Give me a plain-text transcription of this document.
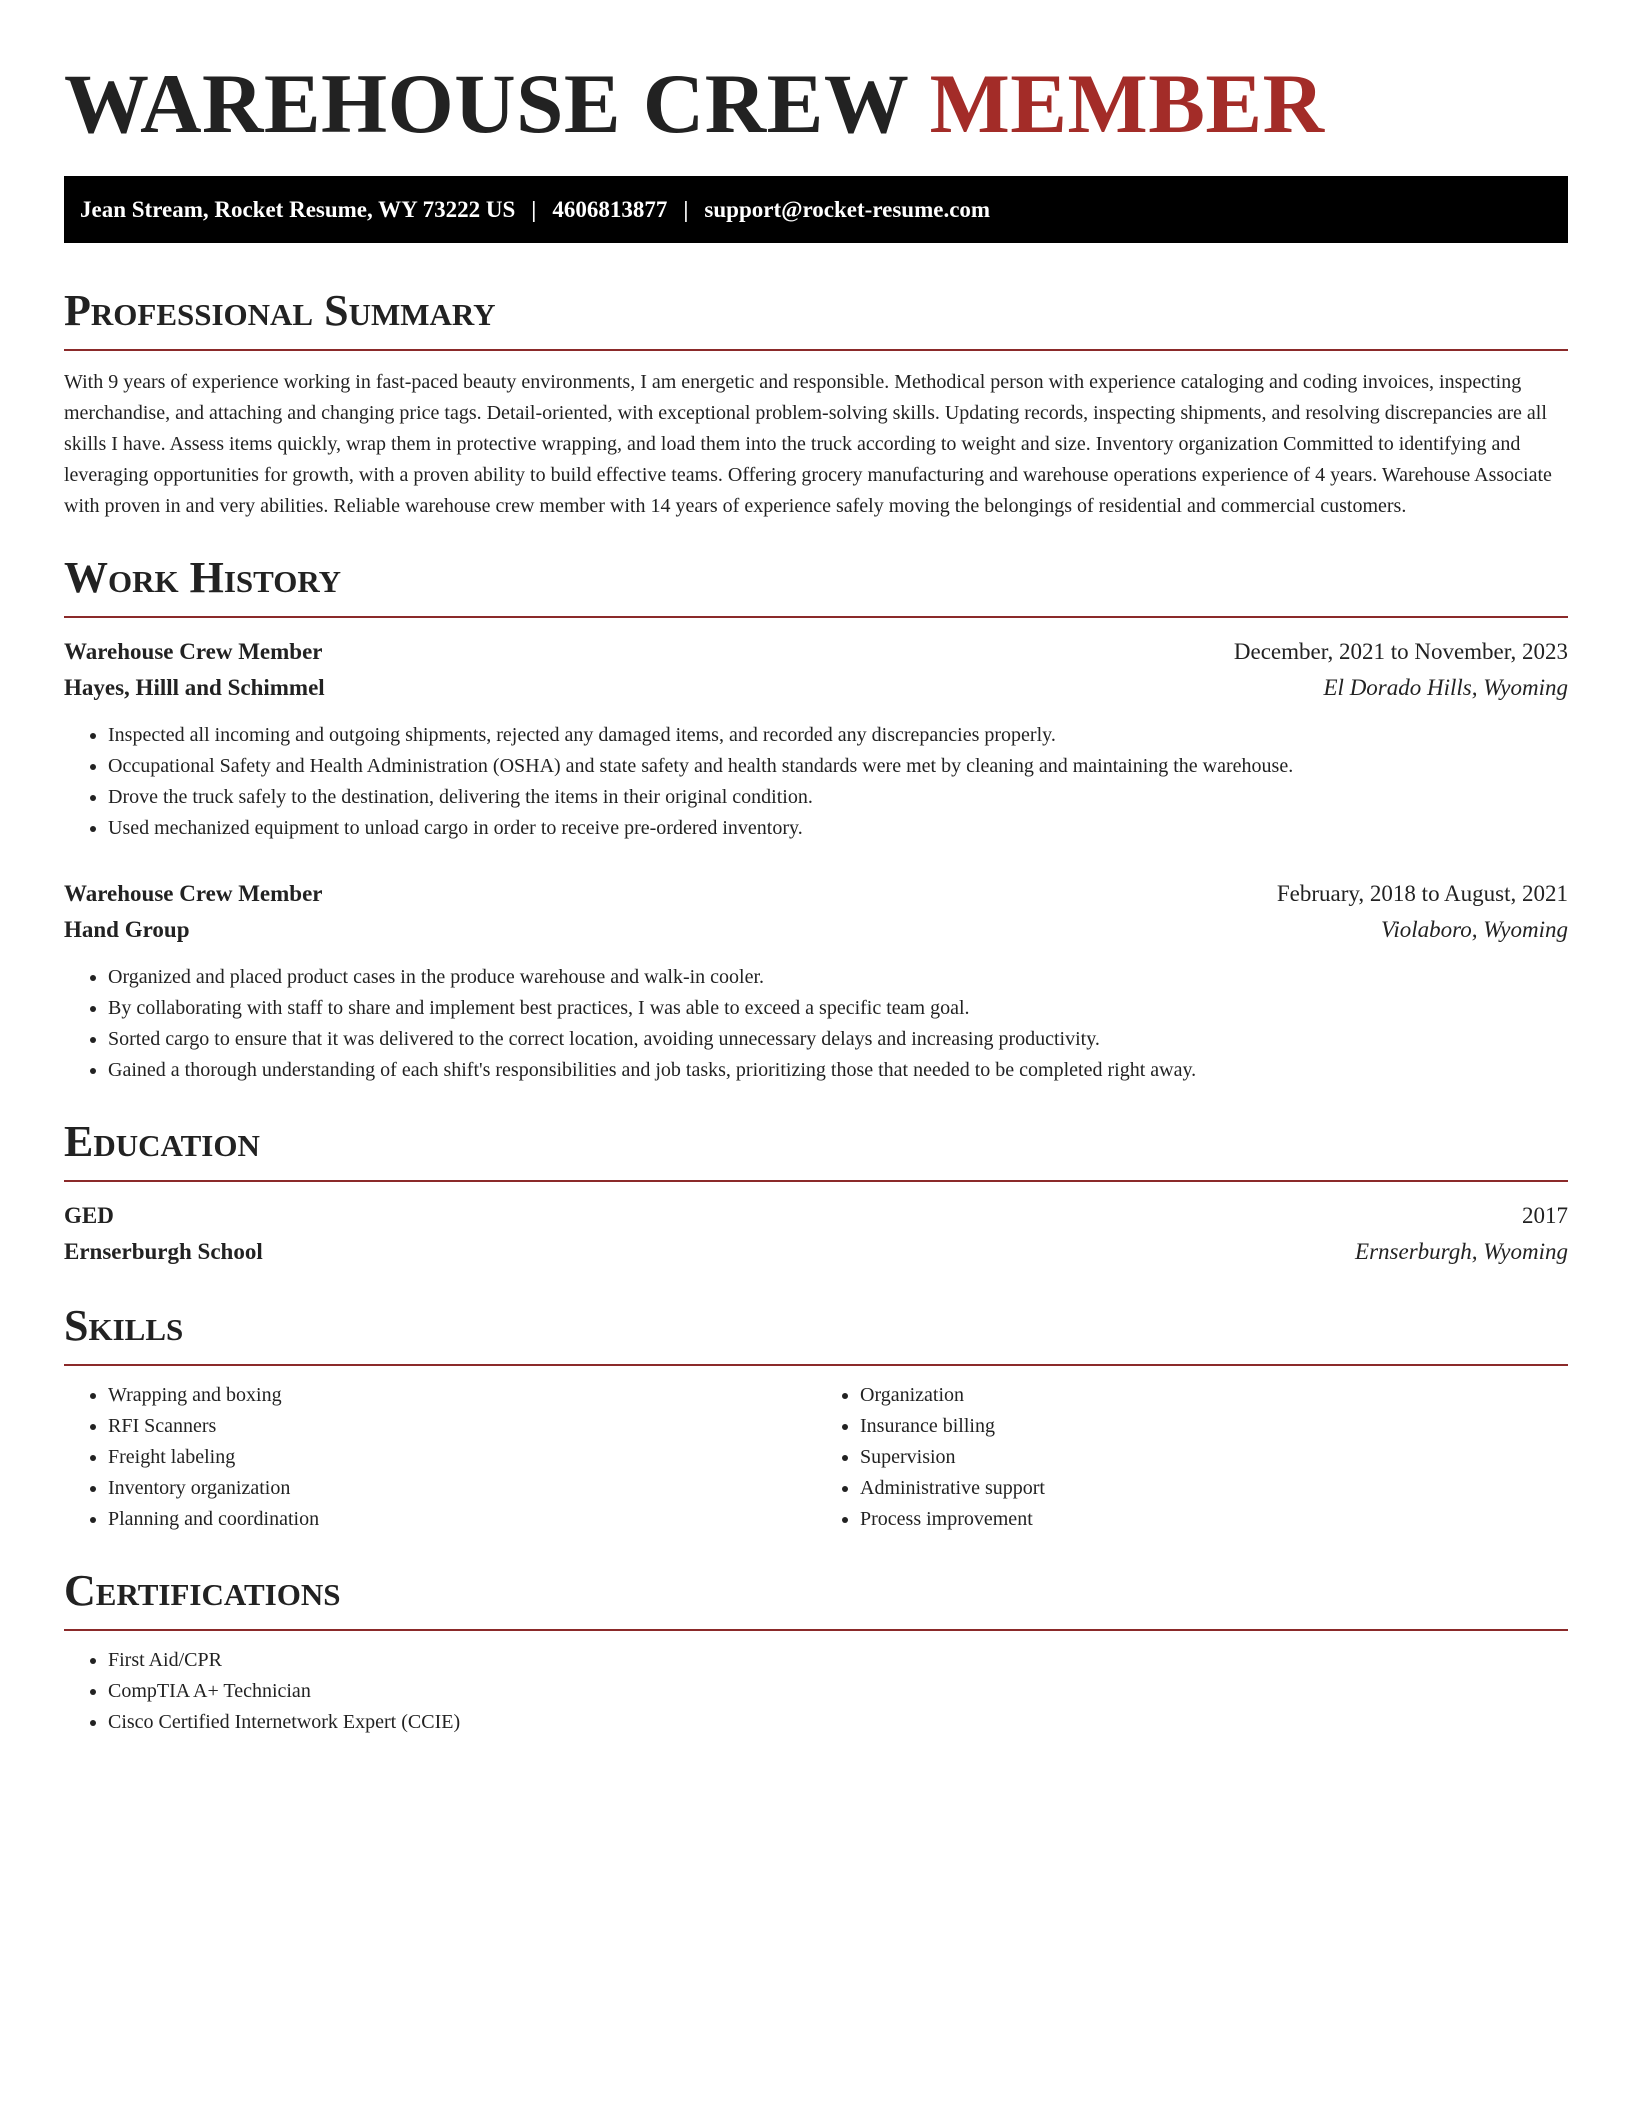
WAREHOUSE CREW MEMBER
Jean Stream, Rocket Resume, WY 73222 US | 4606813877 | support@rocket-resume.com
Professional Summary

With 9 years of experience working in fast-paced beauty environments, I am energetic and responsible. Methodical person with experience cataloging and coding invoices, inspecting merchandise, and attaching and changing price tags. Detail-oriented, with exceptional problem-solving skills. Updating records, inspecting shipments, and resolving discrepancies are all skills I have. Assess items quickly, wrap them in protective wrapping, and load them into the truck according to weight and size. Inventory organization Committed to identifying and leveraging opportunities for growth, with a proven ability to build effective teams. Offering grocery manufacturing and warehouse operations experience of 4 years. Warehouse Associate with proven in and very abilities. Reliable warehouse crew member with 14 years of experience safely moving the belongings of residential and commercial customers.

Work History
Warehouse Crew Member	December, 2021 to November, 2023
Hayes, Hilll and Schimmel	El Dorado Hills, Wyoming
• Inspected all incoming and outgoing shipments, rejected any damaged items, and recorded any discrepancies properly.
• Occupational Safety and Health Administration (OSHA) and state safety and health standards were met by cleaning and maintaining the warehouse.
• Drove the truck safely to the destination, delivering the items in their original condition.
• Used mechanized equipment to unload cargo in order to receive pre-ordered inventory.
Warehouse Crew Member	February, 2018 to August, 2021
Hand Group	Violaboro, Wyoming
• Organized and placed product cases in the produce warehouse and walk-in cooler.
• By collaborating with staff to share and implement best practices, I was able to exceed a specific team goal.
• Sorted cargo to ensure that it was delivered to the correct location, avoiding unnecessary delays and increasing productivity.
• Gained a thorough understanding of each shift's responsibilities and job tasks, prioritizing those that needed to be completed right away.
Education
GED	2017
Ernserburgh School	Ernserburgh, Wyoming
Skills
• Wrapping and boxing
• RFI Scanners
• Freight labeling
• Inventory organization
• Planning and coordination
• Organization
• Insurance billing
• Supervision
• Administrative support
• Process improvement
Certifications
• First Aid/CPR
• CompTIA A+ Technician
• Cisco Certified Internetwork Expert (CCIE)
